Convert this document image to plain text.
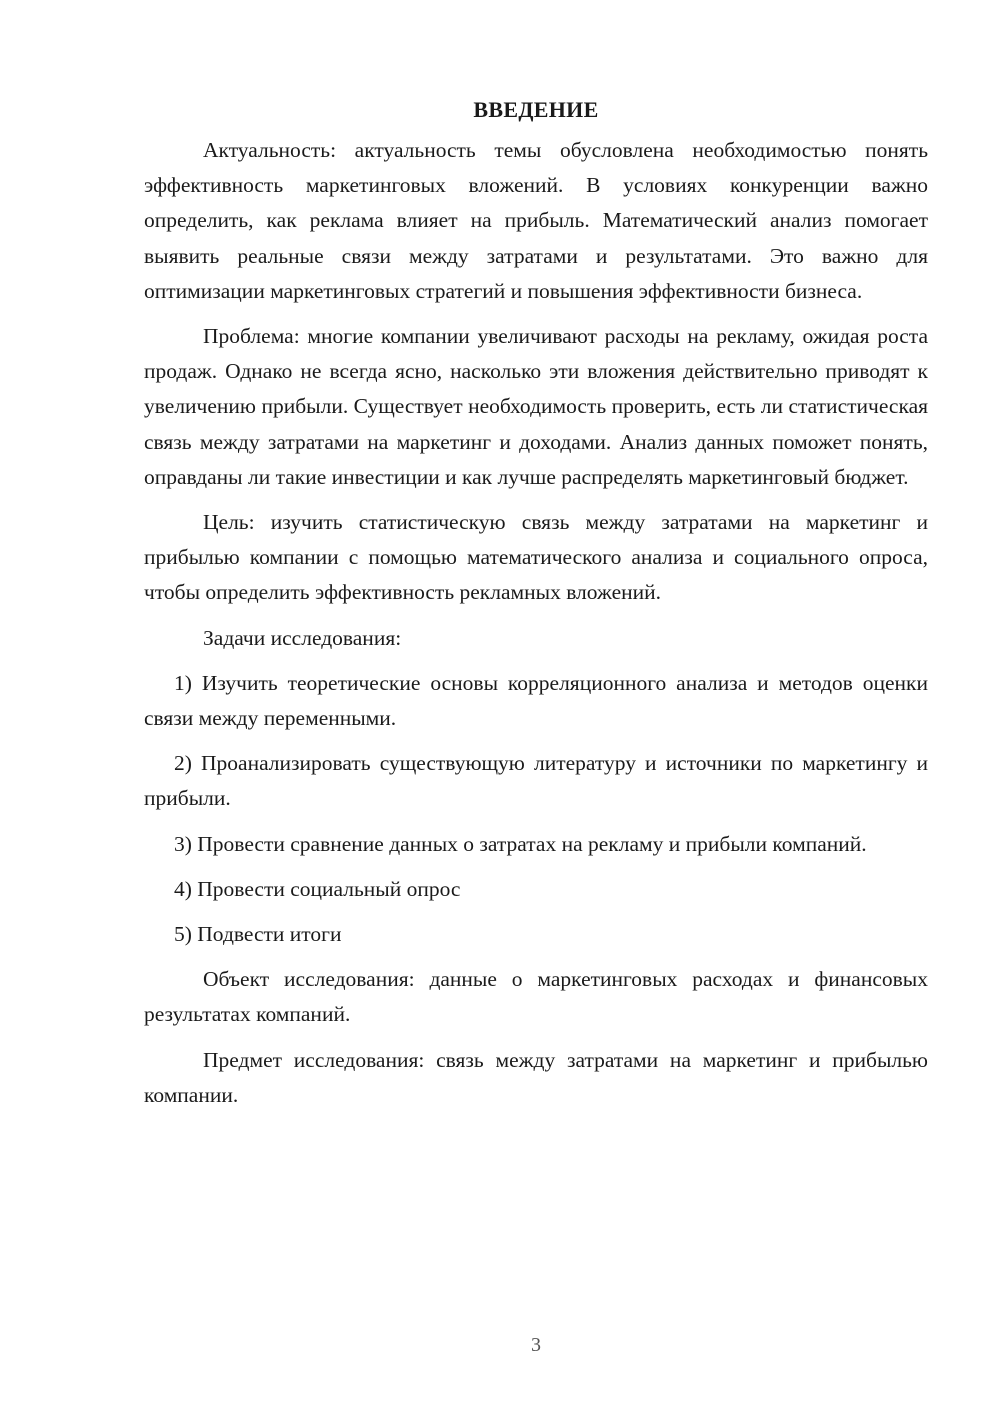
ВВЕДЕНИЕ

Актуальность: актуальность темы обусловлена необходимостью понять эффективность маркетинговых вложений. В условиях конкуренции важно определить, как реклама влияет на прибыль. Математический анализ помогает выявить реальные связи между затратами и результатами. Это важно для оптимизации маркетинговых стратегий и повышения эффективности бизнеса.

Проблема: многие компании увеличивают расходы на рекламу, ожидая роста продаж. Однако не всегда ясно, насколько эти вложения действительно приводят к увеличению прибыли. Существует необходимость проверить, есть ли статистическая связь между затратами на маркетинг и доходами. Анализ данных поможет понять, оправданы ли такие инвестиции и как лучше распределять маркетинговый бюджет.

Цель: изучить статистическую связь между затратами на маркетинг и прибылью компании с помощью математического анализа и социального опроса, чтобы определить эффективность рекламных вложений.

Задачи исследования:

1) Изучить теоретические основы корреляционного анализа и методов оценки связи между переменными.

2) Проанализировать существующую литературу и источники по маркетингу и прибыли.

3) Провести сравнение данных о затратах на рекламу и прибыли компаний.

4) Провести социальный опрос

5) Подвести итоги

Объект исследования: данные о маркетинговых расходах и финансовых результатах компаний.

Предмет исследования: связь между затратами на маркетинг и прибылью компании.

3
